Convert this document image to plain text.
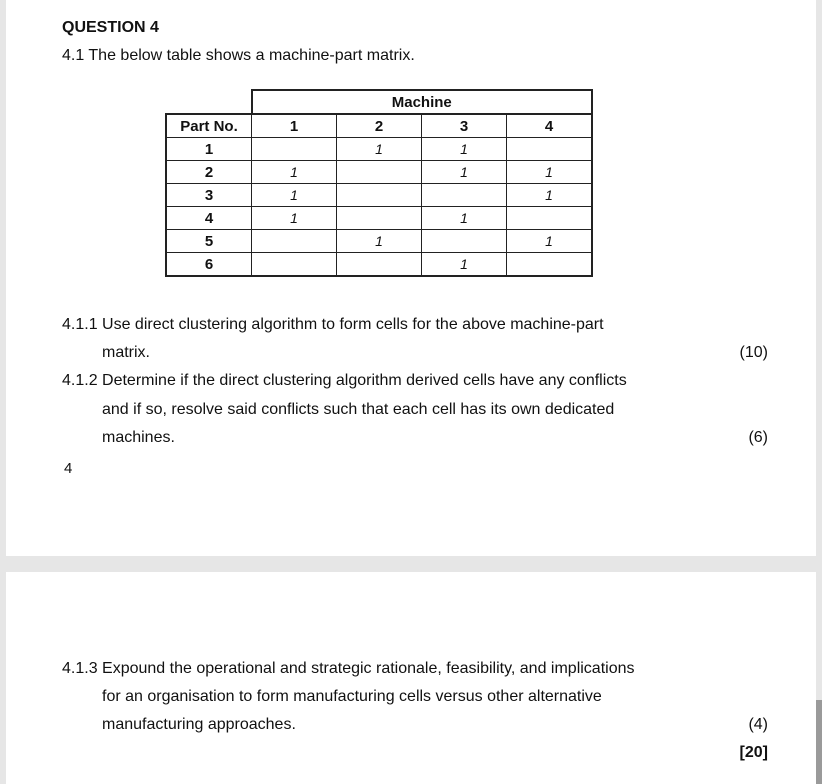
QUESTION 4
4.1 The below table shows a machine-part matrix.
	Machine			
Part No.	1	2	3	4
1		1	1	
2	1		1	1
3	1			1
4	1		1	
5		1		1
6			1	
4.1.1 Use direct clustering algorithm to form cells for the above machine-part
matrix.	(10)
4.1.2 Determine if the direct clustering algorithm derived cells have any conflicts
and if so, resolve said conflicts such that each cell has its own dedicated
machines.	(6)
4
4.1.3 Expound the operational and strategic rationale, feasibility, and implications
for an organisation to form manufacturing cells versus other alternative
manufacturing approaches.	(4)
[20]
